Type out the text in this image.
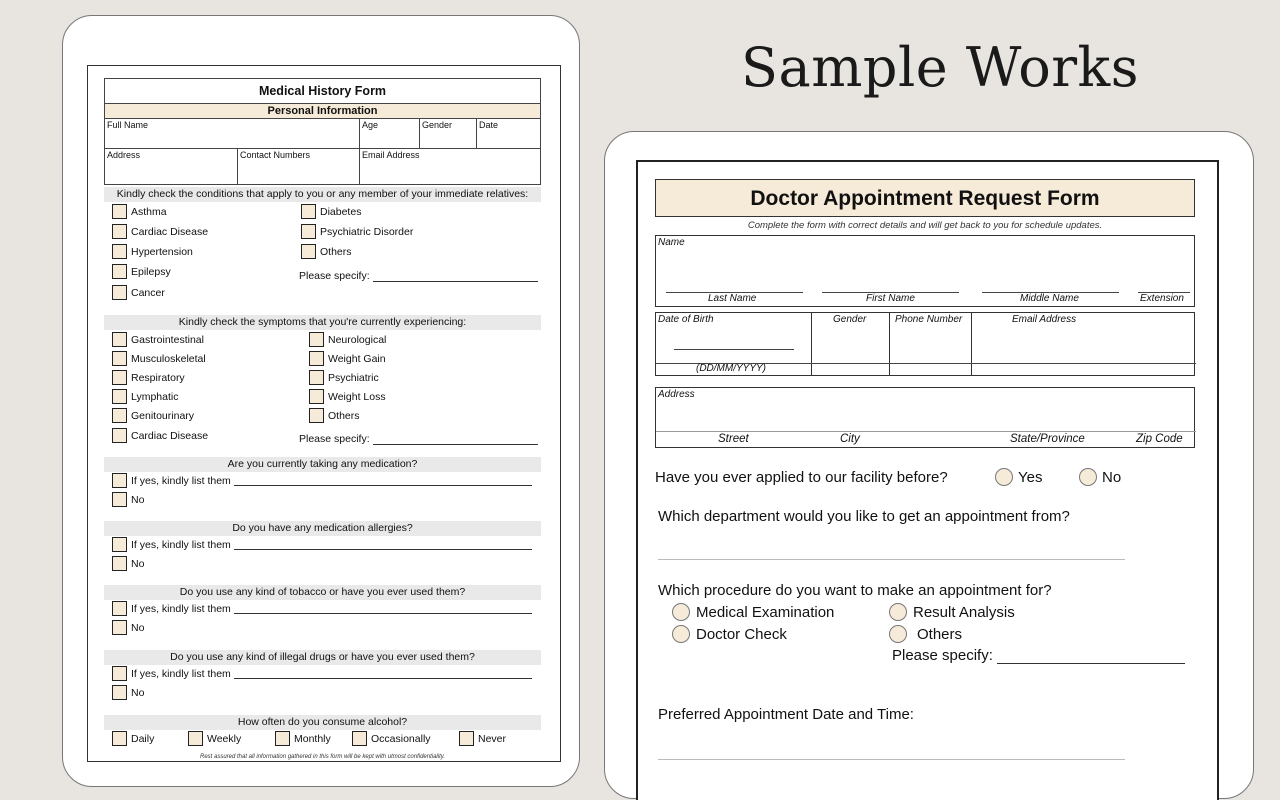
Sample Works
Medical History Form
Personal Information
Full Name	Age	Gender	Date
Address	Contact Numbers	Email Address
Kindly check the conditions that apply to you or any member of your immediate relatives:
Asthma
Cardiac Disease
Hypertension
Epilepsy
Cancer
Diabetes
Psychiatric Disorder
Others
Please specify:
Kindly check the symptoms that you're currently experiencing:
Gastrointestinal
Musculoskeletal
Respiratory
Lymphatic
Genitourinary
Cardiac Disease
Neurological
Weight Gain
Psychiatric
Weight Loss
Others
Please specify:
Are you currently taking any medication?
If yes, kindly list them

No
Do you have any medication allergies?
If yes, kindly list them

No
Do you use any kind of tobacco or have you ever used them?
If yes, kindly list them

No
Do you use any kind of illegal drugs or have you ever used them?
If yes, kindly list them

No
How often do you consume alcohol?
Daily	Weekly	Monthly	Occasionally	Never
Rest assured that all information gathered in this form will be kept with utmost confidentiality.
Doctor Appointment Request Form
Complete the form with correct details and will get back to you for schedule updates.
Name
Last Name	First Name	Middle Name	Extension
Date of Birth
(DD/MM/YYYY)
Gender	Phone Number	Email Address
Address
Street	City	State/Province	Zip Code
Have you ever applied to our facility before?	Yes	No
Which department would you like to get an appointment from?
Which procedure do you want to make an appointment for?
Medical Examination	Result Analysis
Doctor Check	Others
Please specify:
Preferred Appointment Date and Time:
